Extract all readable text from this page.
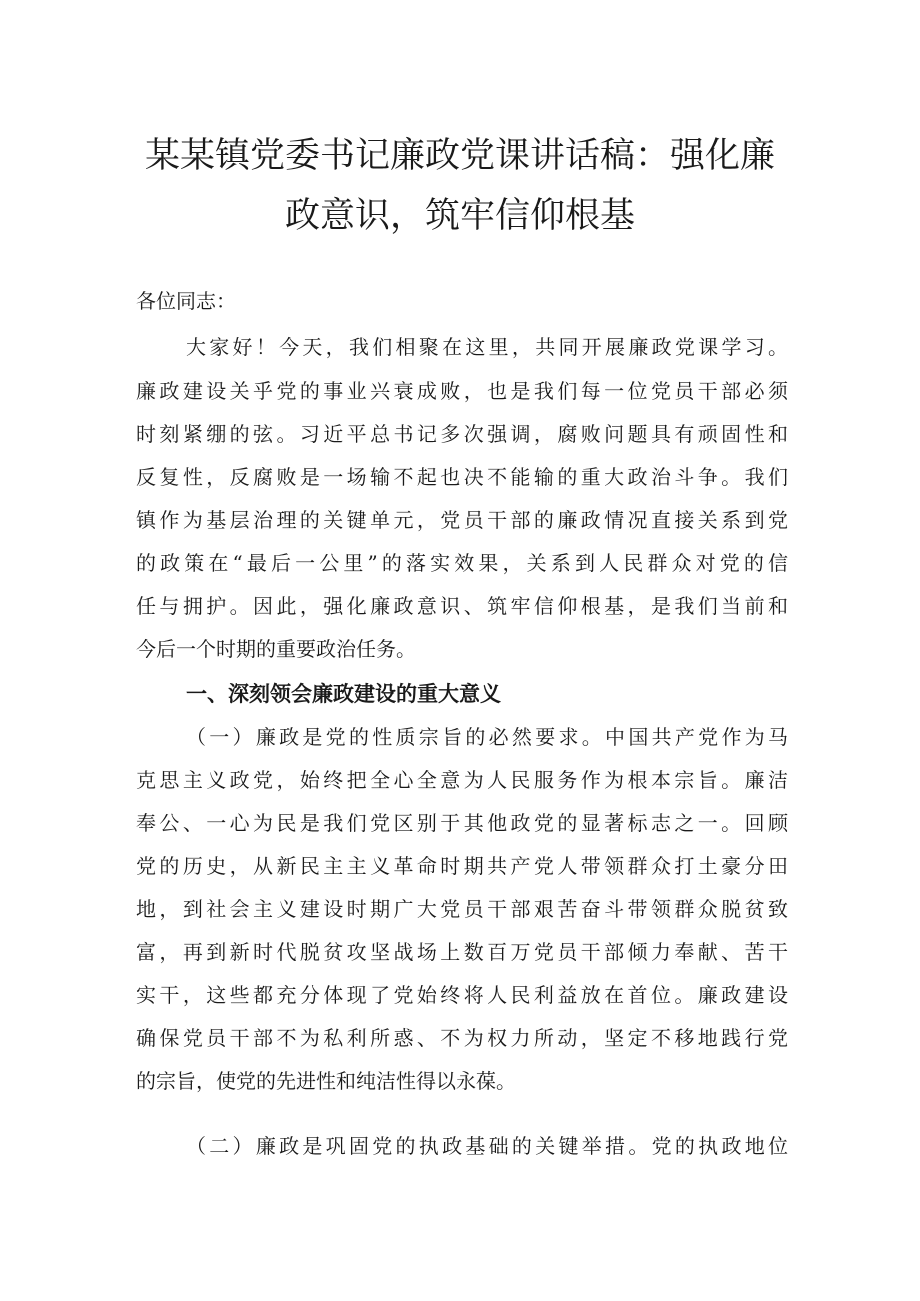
某某镇党委书记廉政党课讲话稿：强化廉
政意识，筑牢信仰根基

各位同志：

大家好！今天，我们相聚在这里，共同开展廉政党课学习。

廉政建设关乎党的事业兴衰成败，也是我们每一位党员干部必须

时刻紧绷的弦。习近平总书记多次强调，腐败问题具有顽固性和

反复性，反腐败是一场输不起也决不能输的重大政治斗争。我们

镇作为基层治理的关键单元，党员干部的廉政情况直接关系到党

的政策在“最后一公里”的落实效果，关系到人民群众对党的信

任与拥护。因此，强化廉政意识、筑牢信仰根基，是我们当前和

今后一个时期的重要政治任务。

一、深刻领会廉政建设的重大意义

（一）廉政是党的性质宗旨的必然要求。中国共产党作为马

克思主义政党，始终把全心全意为人民服务作为根本宗旨。廉洁

奉公、一心为民是我们党区别于其他政党的显著标志之一。回顾

党的历史，从新民主主义革命时期共产党人带领群众打土豪分田

地，到社会主义建设时期广大党员干部艰苦奋斗带领群众脱贫致

富，再到新时代脱贫攻坚战场上数百万党员干部倾力奉献、苦干

实干，这些都充分体现了党始终将人民利益放在首位。廉政建设

确保党员干部不为私利所惑、不为权力所动，坚定不移地践行党

的宗旨，使党的先进性和纯洁性得以永葆。

（二）廉政是巩固党的执政基础的关键举措。党的执政地位
